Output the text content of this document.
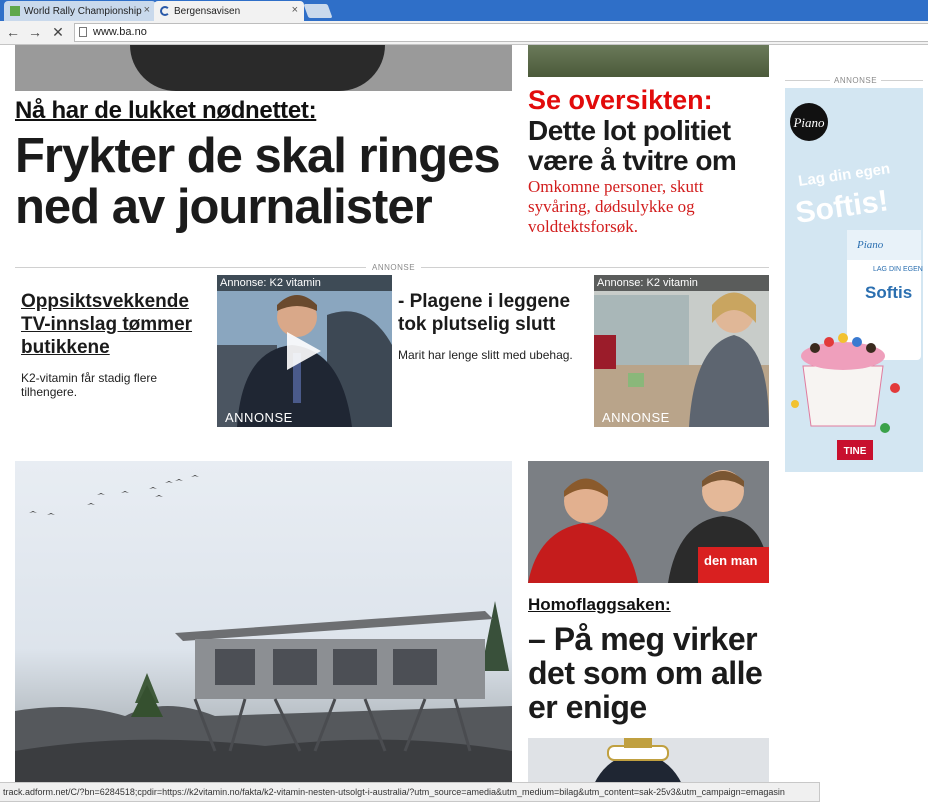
World Rally Championship × Bergensavisen	×
← → ✕	www.ba.no
Nå har de lukket nødnettet:
Frykter de skal ringes ned av journalister
Se oversikten:
Dette lot politiet være å tvitre om
Omkomne personer, skutt syvåring, dødsulykke og voldtektsforsøk.
ANNONSE
Oppsiktsvekkende TV-innslag tømmer butikkene
K2-vitamin får stadig flere tilhengere.
Annonse: K2 vitamin
ANNONSE
- Plagene i leggene tok plutselig slutt
Marit har lenge slitt med ubehag.
Annonse: K2 vitamin
ANNONSE
den man
Homoflaggsaken:
– På meg virker det som om alle er enige
ANNONSE
Piano
Lag din egen
Softis!
Piano
LAG DIN EGEN
Softis
TINE
track.adform.net/C/?bn=6284518;cpdir=https://k2vitamin.no/fakta/k2-vitamin-nesten-utsolgt-i-australia/?utm_source=amedia&utm_medium=bilag&utm_content=sak-25v3&utm_campaign=emagasin
